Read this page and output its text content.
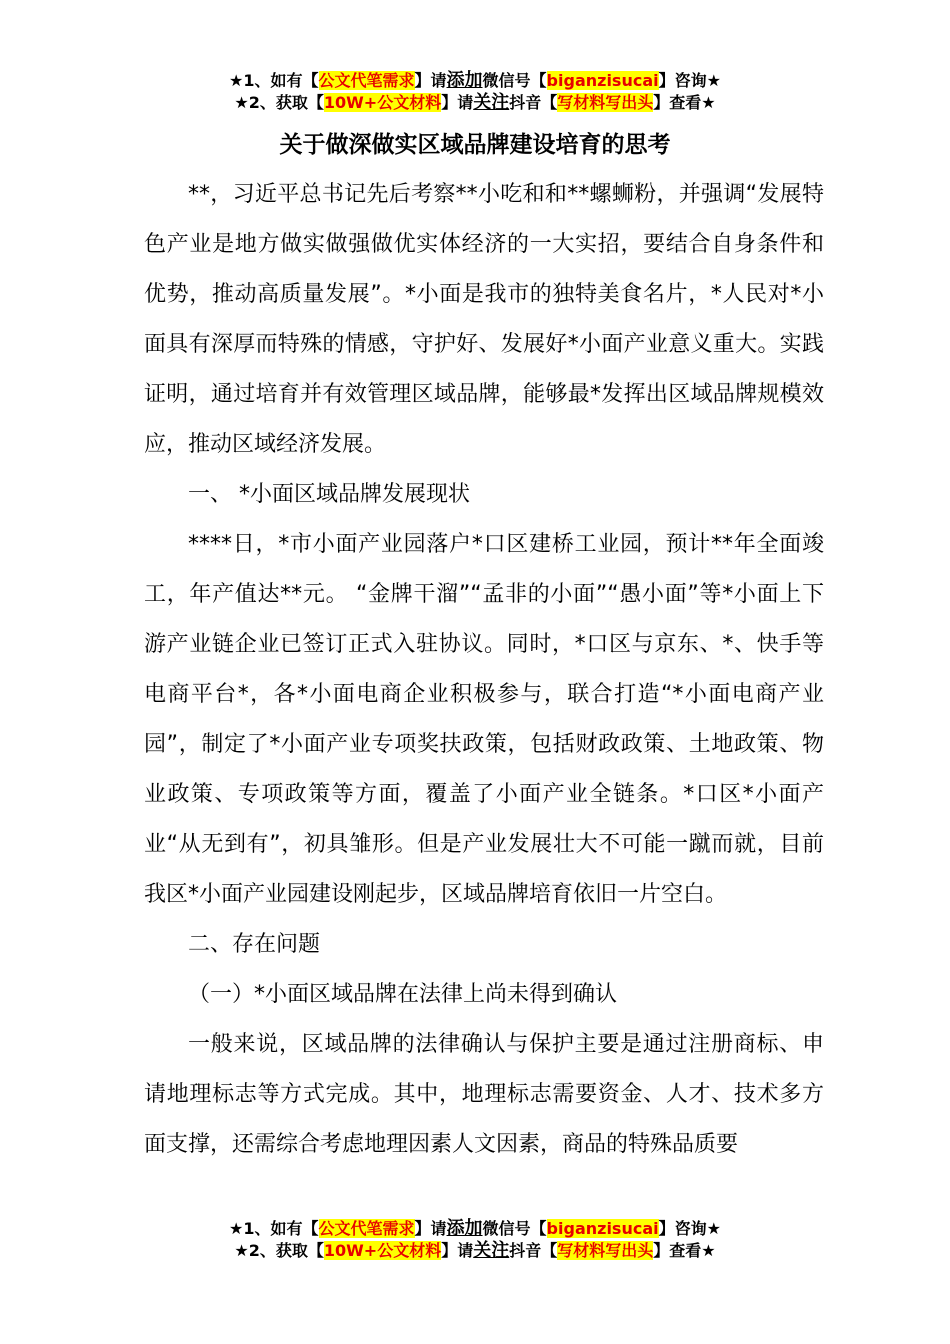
★1、如有【公文代笔需求】请添加微信号【biganzisucai】咨询★
★2、获取【10W+公文材料】请关注抖音【写材料写出头】查看★
关于做深做实区域品牌建设培育的思考

**，习近平总书记先后考察**小吃和和**螺蛳粉，并强调“发展特色产业是地方做实做强做优实体经济的一大实招，要结合自身条件和优势，推动高质量发展”。*小面是我市的独特美食名片，*人民对*小面具有深厚而特殊的情感，守护好、发展好*小面产业意义重大。实践证明，通过培育并有效管理区域品牌，能够最*发挥出区域品牌规模效应，推动区域经济发展。

一、 *小面区域品牌发展现状

****日，*市小面产业园落户*口区建桥工业园，预计**年全面竣工，年产值达**元。 “金牌干溜”“孟非的小面”“愚小面”等*小面上下游产业链企业已签订正式入驻协议。同时，*口区与京东、*、快手等电商平台*，各*小面电商企业积极参与，联合打造“*小面电商产业园”，制定了*小面产业专项奖扶政策，包括财政政策、土地政策、物业政策、专项政策等方面，覆盖了小面产业全链条。*口区*小面产业“从无到有”，初具雏形。但是产业发展壮大不可能一蹴而就，目前我区*小面产业园建设刚起步，区域品牌培育依旧一片空白。

二、存在问题

（一）*小面区域品牌在法律上尚未得到确认

一般来说，区域品牌的法律确认与保护主要是通过注册商标、申请地理标志等方式完成。其中，地理标志需要资金、人才、技术多方面支撑，还需综合考虑地理因素人文因素，商品的特殊品质要

★1、如有【公文代笔需求】请添加微信号【biganzisucai】咨询★
★2、获取【10W+公文材料】请关注抖音【写材料写出头】查看★
